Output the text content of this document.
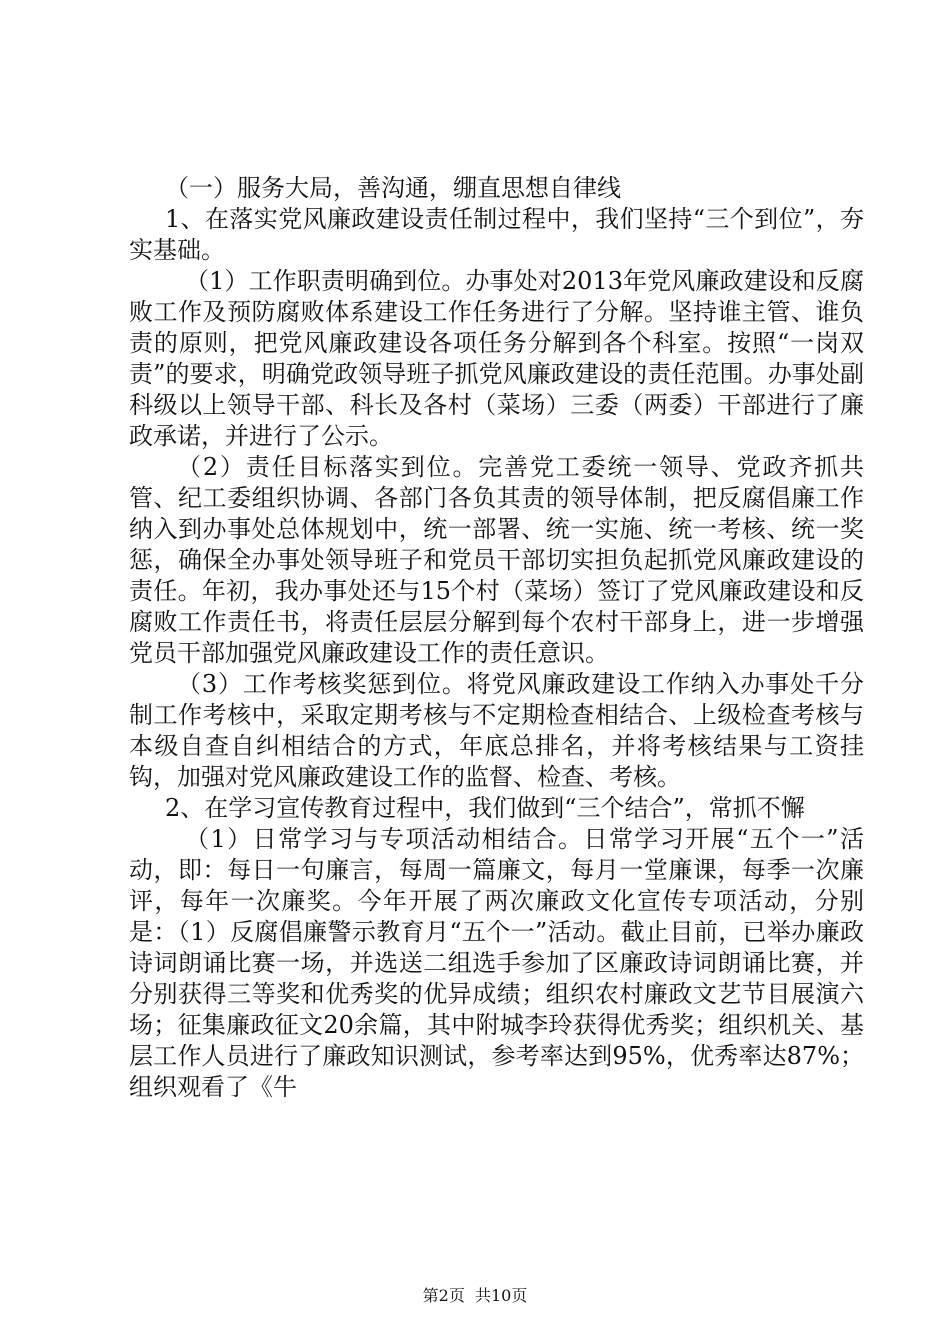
（一）服务大局，善沟通，绷直思想自律线

1、在落实党风廉政建设责任制过程中，我们坚持“三个到位”，夯实基础。

（1）工作职责明确到位。办事处对2013年党风廉政建设和反腐败工作及预防腐败体系建设工作任务进行了分解。坚持谁主管、谁负责的原则，把党风廉政建设各项任务分解到各个科室。按照“一岗双责”的要求，明确党政领导班子抓党风廉政建设的责任范围。办事处副科级以上领导干部、科长及各村（菜场）三委（两委）干部进行了廉政承诺，并进行了公示。

（2）责任目标落实到位。完善党工委统一领导、党政齐抓共管、纪工委组织协调、各部门各负其责的领导体制，把反腐倡廉工作纳入到办事处总体规划中，统一部署、统一实施、统一考核、统一奖惩，确保全办事处领导班子和党员干部切实担负起抓党风廉政建设的责任。年初，我办事处还与15个村（菜场）签订了党风廉政建设和反腐败工作责任书，将责任层层分解到每个农村干部身上，进一步增强党员干部加强党风廉政建设工作的责任意识。

（3）工作考核奖惩到位。将党风廉政建设工作纳入办事处千分制工作考核中，采取定期考核与不定期检查相结合、上级检查考核与本级自查自纠相结合的方式，年底总排名，并将考核结果与工资挂钩，加强对党风廉政建设工作的监督、检查、考核。

2、在学习宣传教育过程中，我们做到“三个结合”，常抓不懈

（1）日常学习与专项活动相结合。日常学习开展“五个一”活动，即：每日一句廉言，每周一篇廉文，每月一堂廉课，每季一次廉评，每年一次廉奖。今年开展了两次廉政文化宣传专项活动，分别是：（1）反腐倡廉警示教育月“五个一”活动。截止目前，已举办廉政诗词朗诵比赛一场，并选送二组选手参加了区廉政诗词朗诵比赛，并分别获得三等奖和优秀奖的优异成绩；组织农村廉政文艺节目展演六场；征集廉政征文20余篇，其中附城李玲获得优秀奖；组织机关、基层工作人员进行了廉政知识测试，参考率达到95%，优秀率达87%；组织观看了《牛

第2页  共10页
